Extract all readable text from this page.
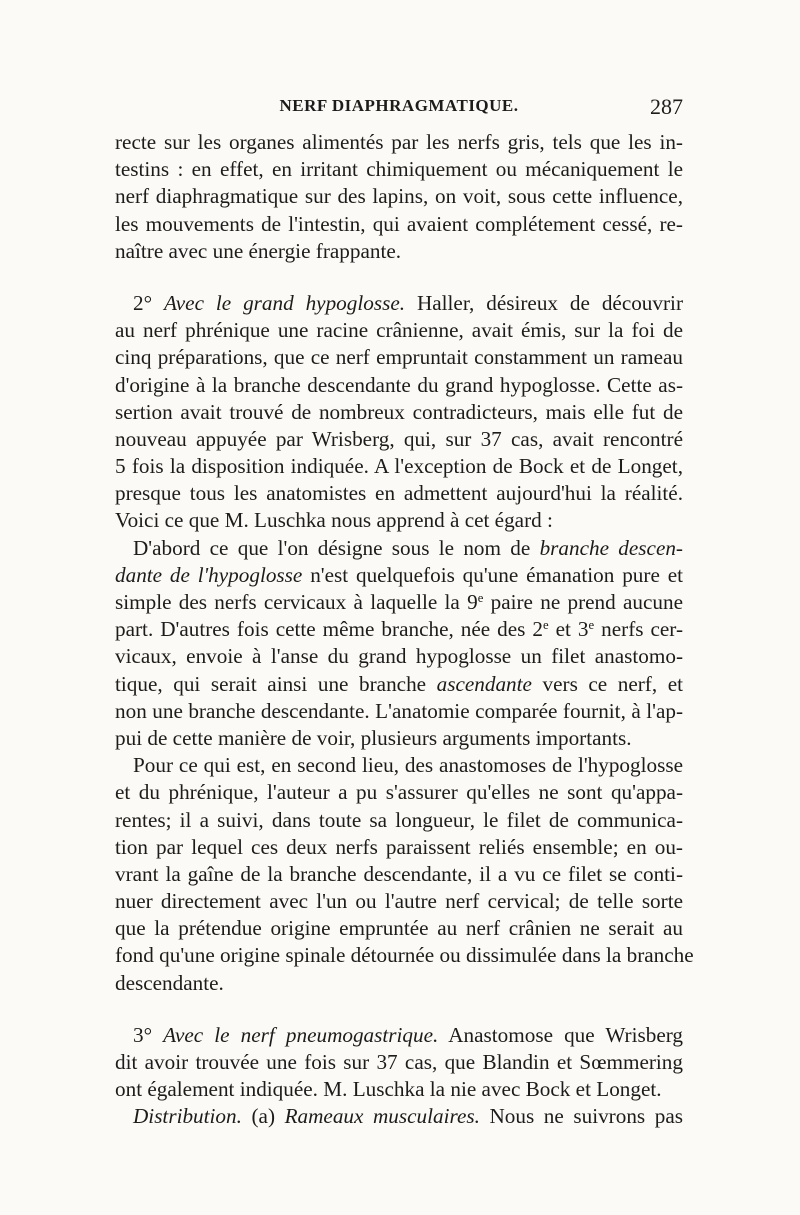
NERF DIAPHRAGMATIQUE.	287
recte sur les organes alimentés par les nerfs gris, tels que les in-
testins : en effet, en irritant chimiquement ou mécaniquement le
nerf diaphragmatique sur des lapins, on voit, sous cette influence,
les mouvements de l'intestin, qui avaient complétement cessé, re-
naître avec une énergie frappante.
2° Avec le grand hypoglosse. Haller, désireux de découvrir
au nerf phrénique une racine crânienne, avait émis, sur la foi de
cinq préparations, que ce nerf empruntait constamment un rameau
d'origine à la branche descendante du grand hypoglosse. Cette as-
sertion avait trouvé de nombreux contradicteurs, mais elle fut de
nouveau appuyée par Wrisberg, qui, sur 37 cas, avait rencontré
5 fois la disposition indiquée. A l'exception de Bock et de Longet,
presque tous les anatomistes en admettent aujourd'hui la réalité.
Voici ce que M. Luschka nous apprend à cet égard :
D'abord ce que l'on désigne sous le nom de branche descen-
dante de l'hypoglosse n'est quelquefois qu'une émanation pure et
simple des nerfs cervicaux à laquelle la 9e paire ne prend aucune
part. D'autres fois cette même branche, née des 2e et 3e nerfs cer-
vicaux, envoie à l'anse du grand hypoglosse un filet anastomo-
tique, qui serait ainsi une branche ascendante vers ce nerf, et
non une branche descendante. L'anatomie comparée fournit, à l'ap-
pui de cette manière de voir, plusieurs arguments importants.
Pour ce qui est, en second lieu, des anastomoses de l'hypoglosse
et du phrénique, l'auteur a pu s'assurer qu'elles ne sont qu'appa-
rentes; il a suivi, dans toute sa longueur, le filet de communica-
tion par lequel ces deux nerfs paraissent reliés ensemble; en ou-
vrant la gaîne de la branche descendante, il a vu ce filet se conti-
nuer directement avec l'un ou l'autre nerf cervical; de telle sorte
que la prétendue origine empruntée au nerf crânien ne serait au
fond qu'une origine spinale détournée ou dissimulée dans la branche
descendante.
3° Avec le nerf pneumogastrique. Anastomose que Wrisberg
dit avoir trouvée une fois sur 37 cas, que Blandin et Sœmmering
ont également indiquée. M. Luschka la nie avec Bock et Longet.
Distribution. (a) Rameaux musculaires. Nous ne suivrons pas
